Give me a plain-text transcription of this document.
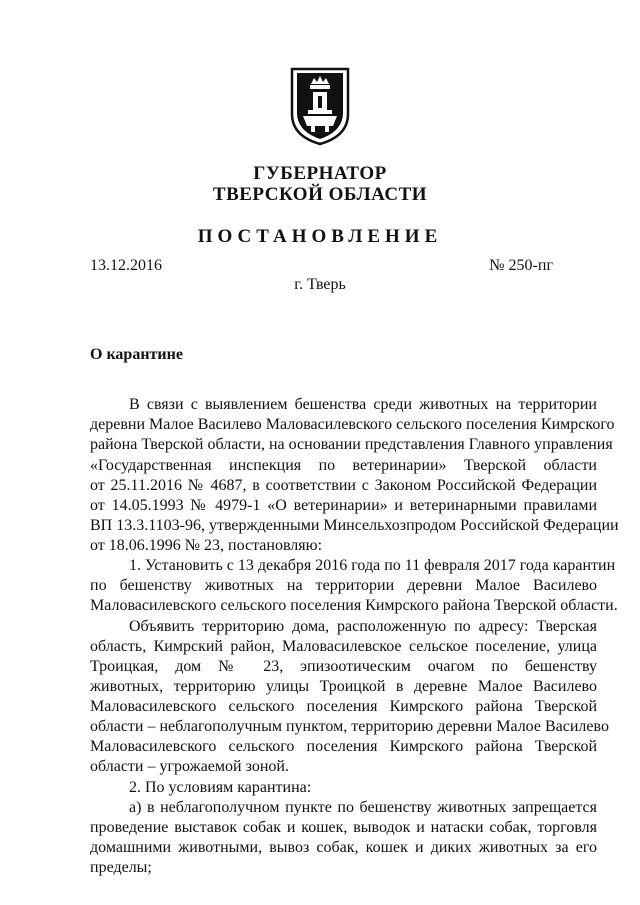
ГУБЕРНАТОР
ТВЕРСКОЙ ОБЛАСТИ
ПОСТАНОВЛЕНИЕ
13.12.2016	№ 250-пг
г. Тверь
О карантине
В связи с выявлением бешенства среди животных на территории
деревни Малое Василево Маловасилевского сельского поселения Кимрского
района Тверской области, на основании представления Главного управления
«Государственная инспекция по ветеринарии» Тверской области
от 25.11.2016 № 4687, в соответствии с Законом Российской Федерации
от 14.05.1993 № 4979-1 «О ветеринарии» и ветеринарными правилами
ВП 13.3.1103-96, утвержденными Минсельхозпродом Российской Федерации
от 18.06.1996 № 23, постановляю:
1. Установить с 13 декабря 2016 года по 11 февраля 2017 года карантин
по бешенству животных на территории деревни Малое Василево
Маловасилевского сельского поселения Кимрского района Тверской области.
Объявить территорию дома, расположенную по адресу: Тверская
область, Кимрский район, Маловасилевское сельское поселение, улица
Троицкая, дом № 23, эпизоотическим очагом по бешенству
животных, территорию улицы Троицкой в деревне Малое Василево
Маловасилевского сельского поселения Кимрского района Тверской
области – неблагополучным пунктом, территорию деревни Малое Василево
Маловасилевского сельского поселения Кимрского района Тверской
области – угрожаемой зоной.
2. По условиям карантина:
а) в неблагополучном пункте по бешенству животных запрещается
проведение выставок собак и кошек, выводок и натаски собак, торговля
домашними животными, вывоз собак, кошек и диких животных за его
пределы;
